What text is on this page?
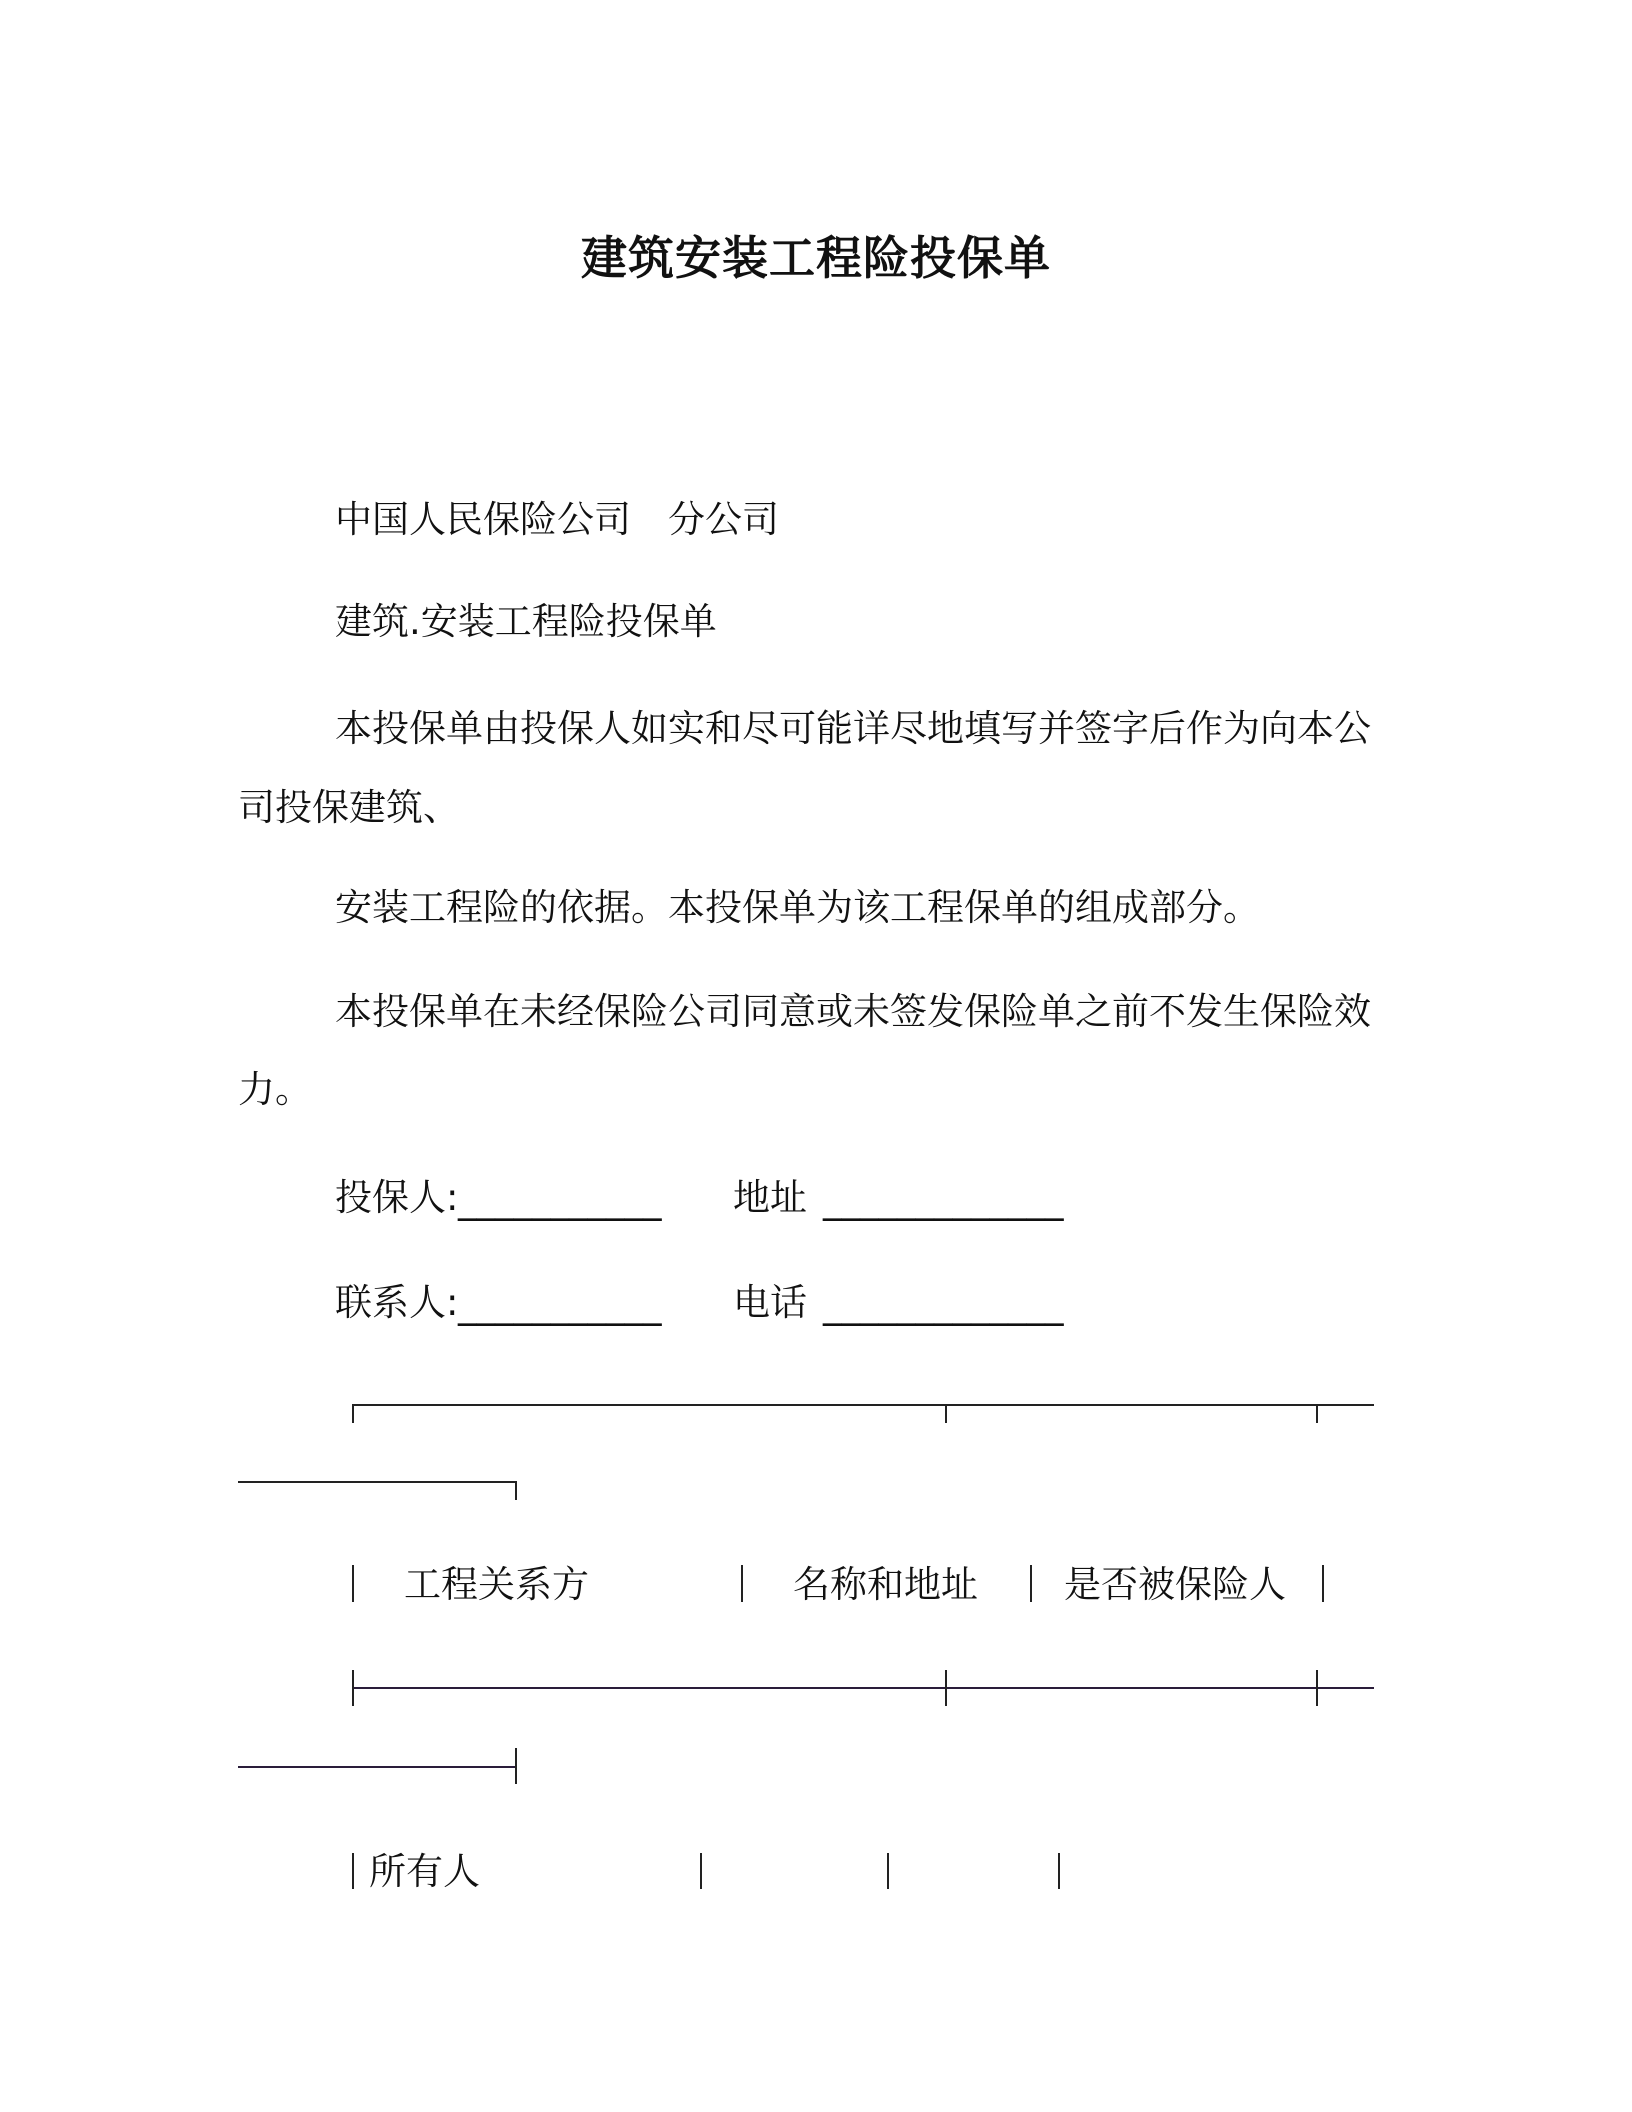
建筑安装工程险投保单
中国人民保险公司　分公司
建筑.安装工程险投保单
本投保单由投保人如实和尽可能详尽地填写并签字后作为向本公
司投保建筑、
安装工程险的依据。本投保单为该工程保单的组成部分。
本投保单在未经保险公司同意或未签发保险单之前不发生保险效
力。
投保人: ___________ 地址 _____________
联系人: ___________ 电话 _____________
工程关系方	名称和地址 是否被保险人
所有人
